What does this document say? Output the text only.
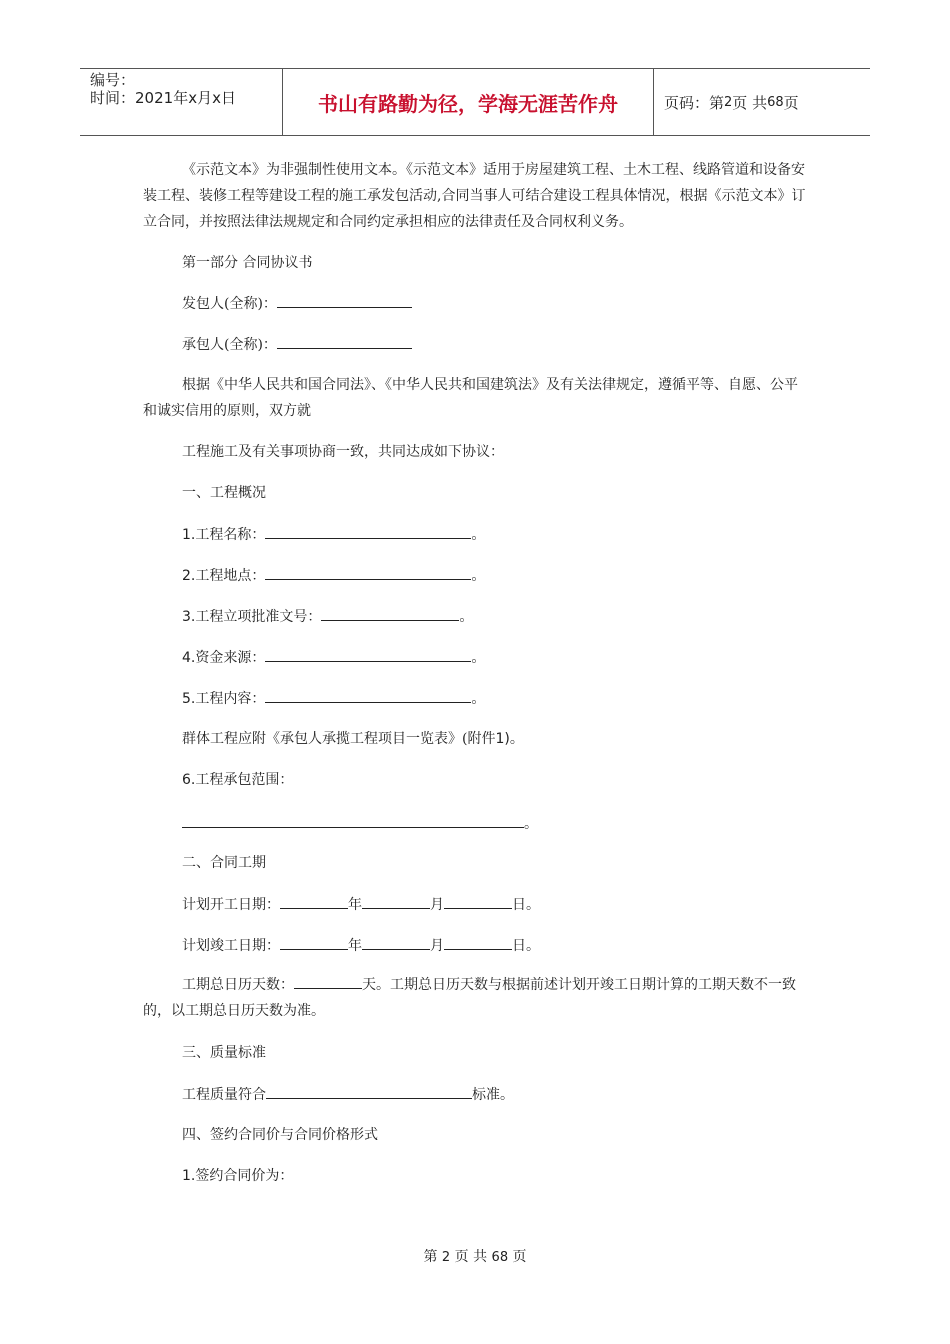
编号：
时间：2021年x月x日	书山有路勤为径，学海无涯苦作舟	页码：第 2 页 共 68 页
《示范文本》为非强制性使用文本。《示范文本》适用于房屋建筑工程、土木工程、线路管道和设备安装工程、装修工程等建设工程的施工承发包活动,合同当事人可结合建设工程具体情况，根据《示范文本》订立合同，并按照法律法规规定和合同约定承担相应的法律责任及合同权利义务。
第一部分 合同协议书
发包人(全称)：
承包人(全称)：
根据《中华人民共和国合同法》、《中华人民共和国建筑法》及有关法律规定，遵循平等、自愿、公平和诚实信用的原则，双方就
工程施工及有关事项协商一致，共同达成如下协议：
一、工程概况
1.工程名称：	。
2.工程地点：	。
3.工程立项批准文号：	。
4.资金来源：	。
5.工程内容：	。
群体工程应附《承包人承揽工程项目一览表》(附件1)。
6.工程承包范围：
。
二、合同工期
计划开工日期：	年	月	日。
计划竣工日期：	年	月	日。
工期总日历天数：	天。工期总日历天数与根据前述计划开竣工日期计算的工期天数不一致的，以工期总日历天数为准。
三、质量标准
工程质量符合	标准。
四、签约合同价与合同价格形式
1.签约合同价为：
第 2 页 共 68 页
